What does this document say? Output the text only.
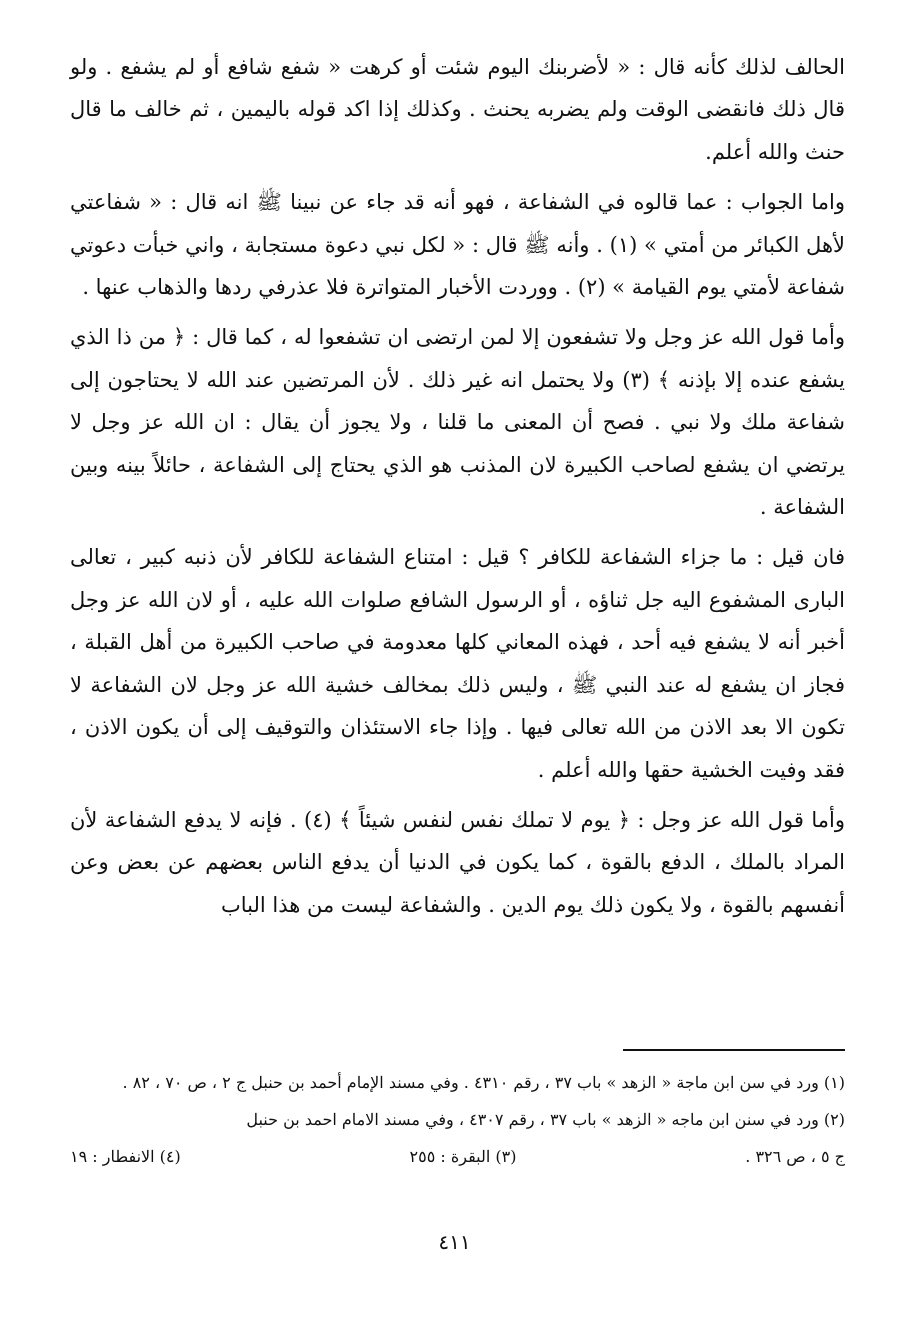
الحالف لذلك كأنه قال : « لأضربنك اليوم شئت أو كرهت « شفع شافع أو لم يشفع . ولو قال ذلك فانقضى الوقت ولم يضربه يحنث . وكذلك إذا اكد قوله باليمين ، ثم خالف ما قال حنث والله أعلم.

واما الجواب : عما قالوه في الشفاعة ، فهو أنه قد جاء عن نبينا ﷺ انه قال : « شفاعتي لأهل الكبائر من أمتي » (١) . وأنه ﷺ قال : « لكل نبي دعوة مستجابة ، واني خبأت دعوتي شفاعة لأمتي يوم القيامة » (٢) . ووردت الأخبار المتواترة فلا عذرفي ردها والذهاب عنها .

وأما قول الله عز وجل ولا تشفعون إلا لمن ارتضى ان تشفعوا له ، كما قال : ﴿ من ذا الذي يشفع عنده إلا بإذنه ﴾ (٣) ولا يحتمل انه غير ذلك . لأن المرتضين عند الله لا يحتاجون إلى شفاعة ملك ولا نبي . فصح أن المعنى ما قلنا ، ولا يجوز أن يقال : ان الله عز وجل لا يرتضي ان يشفع لصاحب الكبيرة لان المذنب هو الذي يحتاج إلى الشفاعة ، حائلاً بينه وبين الشفاعة .

فان قيل : ما جزاء الشفاعة للكافر ؟ قيل : امتناع الشفاعة للكافر لأن ذنبه كبير ، تعالى البارى المشفوع اليه جل ثناؤه ، أو الرسول الشافع صلوات الله عليه ، أو لان الله عز وجل أخبر أنه لا يشفع فيه أحد ، فهذه المعاني كلها معدومة في صاحب الكبيرة من أهل القبلة ، فجاز ان يشفع له عند النبي ﷺ ، وليس ذلك بمخالف خشية الله عز وجل لان الشفاعة لا تكون الا بعد الاذن من الله تعالى فيها . وإذا جاء الاستئذان والتوقيف إلى أن يكون الاذن ، فقد وفيت الخشية حقها والله أعلم .

وأما قول الله عز وجل : ﴿ يوم لا تملك نفس لنفس شيئاً ﴾ (٤) . فإنه لا يدفع الشفاعة لأن المراد بالملك ، الدفع بالقوة ، كما يكون في الدنيا أن يدفع الناس بعضهم عن بعض وعن أنفسهم بالقوة ، ولا يكون ذلك يوم الدين . والشفاعة ليست من هذا الباب

(١) ورد في سن ابن ماجة « الزهد » باب ٣٧ ، رقم ٤٣١٠ . وفي مسند الإمام أحمد بن حنبل ج ٢ ، ص ٧٠ ، ٨٢ .

(٢) ورد في سنن ابن ماجه « الزهد » باب ٣٧ ، رقم ٤٣٠٧ ، وفي مسند الامام احمد بن حنبل

ج ٥ ، ص ٣٢٦ .
(٣) البقرة : ٢٥٥
(٤) الانفطار : ١٩
٤١١
